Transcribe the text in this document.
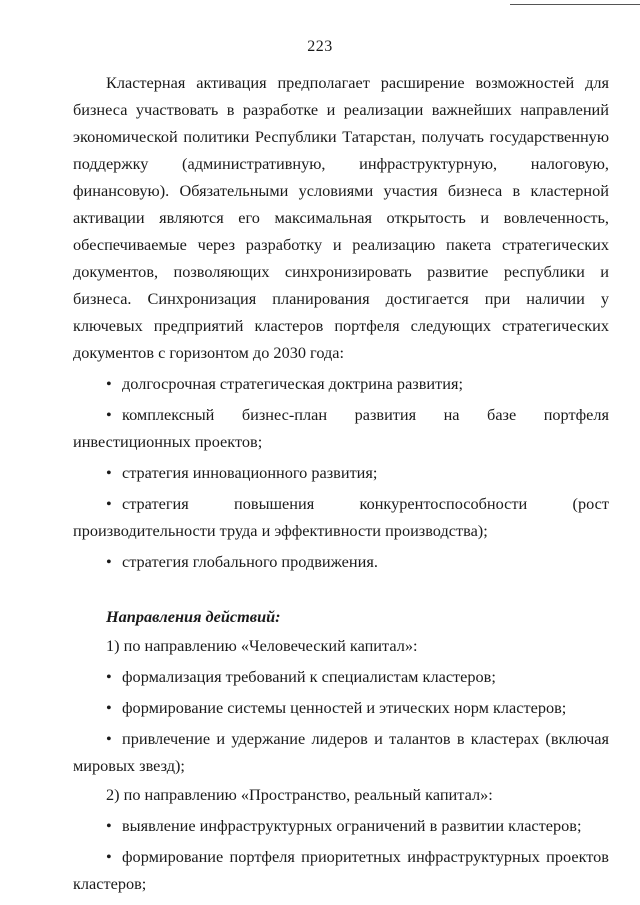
223

Кластерная активация предполагает расширение возможностей для бизнеса участвовать в разработке и реализации важнейших направлений экономической политики Республики Татарстан, получать государственную поддержку (административную, инфраструктурную, налоговую, финансовую). Обязательными условиями участия бизнеса в кластерной активации являются его максимальная открытость и вовлеченность, обеспечиваемые через разработку и реализацию пакета стратегических документов, позволяющих синхронизировать развитие республики и бизнеса. Синхронизация планирования достигается при наличии у ключевых предприятий кластеров портфеля следующих стратегических документов с горизонтом до 2030 года:

• долгосрочная стратегическая доктрина развития;

• комплексный бизнес-план развития на базе портфеля инвестиционных проектов;

• стратегия инновационного развития;

• стратегия повышения конкурентоспособности (рост производительности труда и эффективности производства);

• стратегия глобального продвижения.

Направления действий:

1) по направлению «Человеческий капитал»:

• формализация требований к специалистам кластеров;

• формирование системы ценностей и этических норм кластеров;

• привлечение и удержание лидеров и талантов в кластерах (включая мировых звезд);

2) по направлению «Пространство, реальный капитал»:

• выявление инфраструктурных ограничений в развитии кластеров;

• формирование портфеля приоритетных инфраструктурных проектов кластеров;
